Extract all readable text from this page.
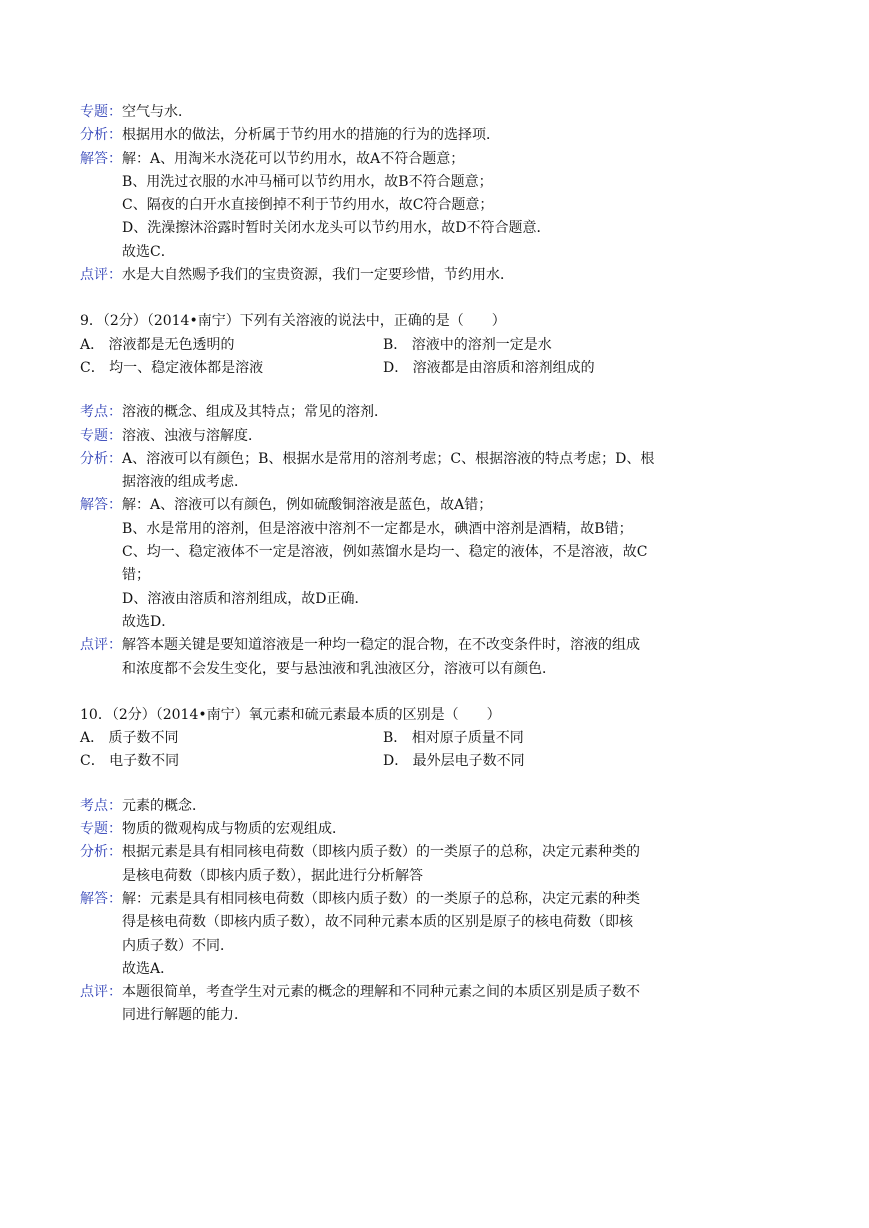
专题： 空气与水．
分析： 根据用水的做法，分析属于节约用水的措施的行为的选择项．
解答： 解：A、用淘米水浇花可以节约用水，故A不符合题意；
B、用洗过衣服的水冲马桶可以节约用水，故B不符合题意；
C、隔夜的白开水直接倒掉不利于节约用水，故C符合题意；
D、洗澡擦沐浴露时暂时关闭水龙头可以节约用水，故D不符合题意．
故选C．
点评： 水是大自然赐予我们的宝贵资源，我们一定要珍惜，节约用水．
9．（2分）（2014•南宁）下列有关溶液的说法中，正确的是（　　）
A． 溶液都是无色透明的	B． 溶液中的溶剂一定是水
C． 均一、稳定液体都是溶液	D． 溶液都是由溶质和溶剂组成的
考点： 溶液的概念、组成及其特点；常见的溶剂．
专题： 溶液、浊液与溶解度．
分析： A、溶液可以有颜色；B、根据水是常用的溶剂考虑；C、根据溶液的特点考虑；D、根
据溶液的组成考虑．
解答： 解：A、溶液可以有颜色，例如硫酸铜溶液是蓝色，故A错；
B、水是常用的溶剂，但是溶液中溶剂不一定都是水，碘酒中溶剂是酒精，故B错；
C、均一、稳定液体不一定是溶液，例如蒸馏水是均一、稳定的液体，不是溶液，故C
错；
D、溶液由溶质和溶剂组成，故D正确．
故选D．
点评： 解答本题关键是要知道溶液是一种均一稳定的混合物，在不改变条件时，溶液的组成
和浓度都不会发生变化，要与悬浊液和乳浊液区分，溶液可以有颜色．
10．（2分）（2014•南宁）氧元素和硫元素最本质的区别是（　　）
A． 质子数不同	B． 相对原子质量不同
C． 电子数不同	D． 最外层电子数不同
考点： 元素的概念．
专题： 物质的微观构成与物质的宏观组成．
分析： 根据元素是具有相同核电荷数（即核内质子数）的一类原子的总称，决定元素种类的
是核电荷数（即核内质子数），据此进行分析解答
解答： 解：元素是具有相同核电荷数（即核内质子数）的一类原子的总称，决定元素的种类
得是核电荷数（即核内质子数），故不同种元素本质的区别是原子的核电荷数（即核
内质子数）不同．
故选A．
点评： 本题很简单，考查学生对元素的概念的理解和不同种元素之间的本质区别是质子数不
同进行解题的能力．
